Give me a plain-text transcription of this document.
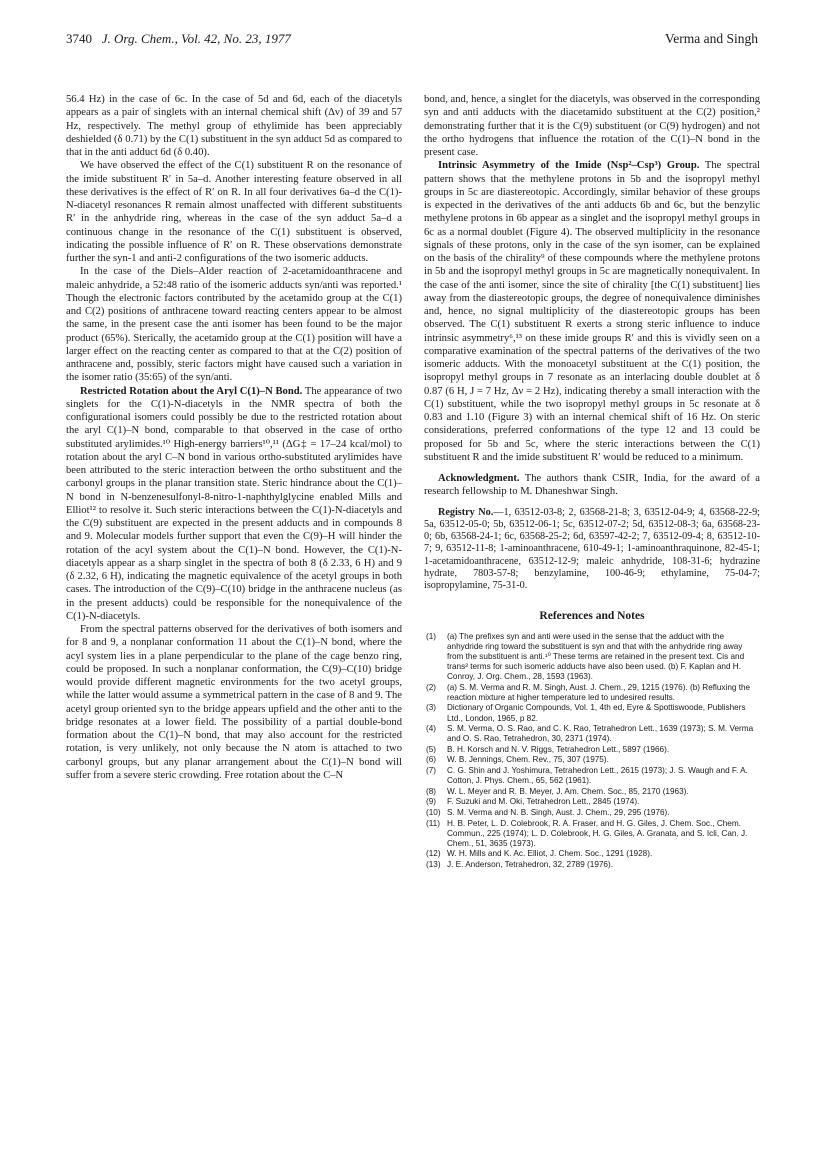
3740 J. Org. Chem., Vol. 42, No. 23, 1977	Verma and Singh

56.4 Hz) in the case of 6c. In the case of 5d and 6d, each of the diacetyls appears as a pair of singlets with an internal chemical shift (Δν) of 39 and 57 Hz, respectively. The methyl group of ethylimide has been appreciably deshielded (δ 0.71) by the C(1) substituent in the syn adduct 5d as compared to that in the anti adduct 6d (δ 0.40).

We have observed the effect of the C(1) substituent R on the resonance of the imide substituent R′ in 5a–d. Another interesting feature observed in all these derivatives is the effect of R′ on R. In all four derivatives 6a–d the C(1)-N-diacetyl resonances R remain almost unaffected with different substituents R′ in the anhydride ring, whereas in the case of the syn adduct 5a–d a continuous change in the resonance of the C(1) substituent is observed, indicating the possible influence of R′ on R. These observations demonstrate further the syn-1 and anti-2 configurations of the two isomeric adducts.

In the case of the Diels–Alder reaction of 2-acetamidoanthracene and maleic anhydride, a 52:48 ratio of the isomeric adducts syn/anti was reported.¹ Though the electronic factors contributed by the acetamido group at the C(1) and C(2) positions of anthracene toward reacting centers appear to be almost the same, in the present case the anti isomer has been found to be the major product (65%). Sterically, the acetamido group at the C(1) position will have a larger effect on the reacting center as compared to that at the C(2) position of anthracene and, possibly, steric factors might have caused such a variation in the isomer ratio (35:65) of the syn/anti.

Restricted Rotation about the Aryl C(1)–N Bond. The appearance of two singlets for the C(1)-N-diacetyls in the NMR spectra of both the configurational isomers could possibly be due to the restricted rotation about the aryl C(1)–N bond, comparable to that observed in the case of ortho substituted arylimides.¹⁰ High-energy barriers¹⁰,¹¹ (ΔG‡ = 17–24 kcal/mol) to rotation about the aryl C–N bond in various ortho-substituted arylimides have been attributed to the steric interaction between the ortho substituent and the carbonyl groups in the planar transition state. Steric hindrance about the C(1)–N bond in N-benzenesulfonyl-8-nitro-1-naphthylglycine enabled Mills and Elliot¹² to resolve it. Such steric interactions between the C(1)-N-diacetyls and the C(9) substituent are expected in the present adducts and in compounds 8 and 9. Molecular models further support that even the C(9)–H will hinder the rotation of the acyl system about the C(1)–N bond. However, the C(1)-N-diacetyls appear as a sharp singlet in the spectra of both 8 (δ 2.33, 6 H) and 9 (δ 2.32, 6 H), indicating the magnetic equivalence of the acetyl groups in both cases. The introduction of the C(9)–C(10) bridge in the anthracene nucleus (as in the present adducts) could be responsible for the nonequivalence of the C(1)-N-diacetyls.

From the spectral patterns observed for the derivatives of both isomers and for 8 and 9, a nonplanar conformation 11 about the C(1)–N bond, where the acyl system lies in a plane perpendicular to the plane of the cage benzo ring, could be proposed. In such a nonplanar conformation, the C(9)–C(10) bridge would provide different magnetic environments for the two acetyl groups, while the latter would assume a symmetrical pattern in the case of 8 and 9. The acetyl group oriented syn to the bridge appears upfield and the other anti to the bridge resonates at a lower field. The possibility of a partial double-bond formation about the C(1)–N bond, that may also account for the restricted rotation, is very unlikely, not only because the N atom is attached to two carbonyl groups, but any planar arrangement about the C(1)–N bond will suffer from a severe steric crowding. Free rotation about the C–N

bond, and, hence, a singlet for the diacetyls, was observed in the corresponding syn and anti adducts with the diacetamido substituent at the C(2) position,² demonstrating further that it is the C(9) substituent (or C(9) hydrogen) and not the ortho hydrogens that influence the rotation of the C(1)–N bond in the present case.

Intrinsic Asymmetry of the Imide (Nsp²–Csp³) Group. The spectral pattern shows that the methylene protons in 5b and the isopropyl methyl groups in 5c are diastereotopic. Accordingly, similar behavior of these groups is expected in the derivatives of the anti adducts 6b and 6c, but the benzylic methylene protons in 6b appear as a singlet and the isopropyl methyl groups in 6c as a normal doublet (Figure 4). The observed multiplicity in the resonance signals of these protons, only in the case of the syn isomer, can be explained on the basis of the chirality⁹ of these compounds where the methylene protons in 5b and the isopropyl methyl groups in 5c are magnetically nonequivalent. In the case of the anti isomer, since the site of chirality [the C(1) substituent] lies away from the diastereotopic groups, the degree of nonequivalence diminishes and, hence, no signal multiplicity of the diastereotopic groups has been observed. The C(1) substituent R exerts a strong steric influence to induce intrinsic asymmetry⁶,¹³ on these imide groups R′ and this is vividly seen on a comparative examination of the spectral patterns of the derivatives of the two isomeric adducts. With the monoacetyl substituent at the C(1) position, the isopropyl methyl groups in 7 resonate as an interlacing double doublet at δ 0.87 (6 H, J = 7 Hz, Δν = 2 Hz), indicating thereby a small interaction with the C(1) substituent, while the two isopropyl methyl groups in 5c resonate at δ 0.83 and 1.10 (Figure 3) with an internal chemical shift of 16 Hz. On steric considerations, preferred conformations of the type 12 and 13 could be proposed for 5b and 5c, where the steric interactions between the C(1) substituent R and the imide substituent R′ would be reduced to a minimum.

Acknowledgment. The authors thank CSIR, India, for the award of a research fellowship to M. Dhaneshwar Singh.

Registry No.—1, 63512-03-8; 2, 63568-21-8; 3, 63512-04-9; 4, 63568-22-9; 5a, 63512-05-0; 5b, 63512-06-1; 5c, 63512-07-2; 5d, 63512-08-3; 6a, 63568-23-0; 6b, 63568-24-1; 6c, 63568-25-2; 6d, 63597-42-2; 7, 63512-09-4; 8, 63512-10-7; 9, 63512-11-8; 1-aminoanthracene, 610-49-1; 1-aminoanthraquinone, 82-45-1; 1-acetamidoanthracene, 63512-12-9; maleic anhydride, 108-31-6; hydrazine hydrate, 7803-57-8; benzylamine, 100-46-9; ethylamine, 75-04-7; isopropylamine, 75-31-0.

References and Notes
(1) (a) The prefixes syn and anti were used in the sense that the adduct with the anhydride ring toward the substituent is syn and that with the anhydride ring away from the substituent is anti.¹⁰ These terms are retained in the present text. Cis and trans² terms for such isomeric adducts have also been used. (b) F. Kaplan and H. Conroy, J. Org. Chem., 28, 1593 (1963).
(2) (a) S. M. Verma and R. M. Singh, Aust. J. Chem., 29, 1215 (1976). (b) Refluxing the reaction mixture at higher temperature led to undesired results.
(3) Dictionary of Organic Compounds, Vol. 1, 4th ed, Eyre & Spottiswoode, Publishers Ltd., London, 1965, p 82.
(4) S. M. Verma, O. S. Rao, and C. K. Rao, Tetrahedron Lett., 1639 (1973); S. M. Verma and O. S. Rao, Tetrahedron, 30, 2371 (1974).
(5) B. H. Korsch and N. V. Riggs, Tetrahedron Lett., 5897 (1966).
(6) W. B. Jennings, Chem. Rev., 75, 307 (1975).
(7) C. G. Shin and J. Yoshimura, Tetrahedron Lett., 2615 (1973); J. S. Waugh and F. A. Cotton, J. Phys. Chem., 65, 562 (1961).
(8) W. L. Meyer and R. B. Meyer, J. Am. Chem. Soc., 85, 2170 (1963).
(9) F. Suzuki and M. Oki, Tetrahedron Lett., 2845 (1974).
(10) S. M. Verma and N. B. Singh, Aust. J. Chem., 29, 295 (1976).
(11) H. B. Peter, L. D. Colebrook, R. A. Fraser, and H. G. Giles, J. Chem. Soc., Chem. Commun., 225 (1974); L. D. Colebrook, H. G. Giles, A. Granata, and S. Icli, Can. J. Chem., 51, 3635 (1973).
(12) W. H. Mills and K. Ac. Elliot, J. Chem. Soc., 1291 (1928).
(13) J. E. Anderson, Tetrahedron, 32, 2789 (1976).
